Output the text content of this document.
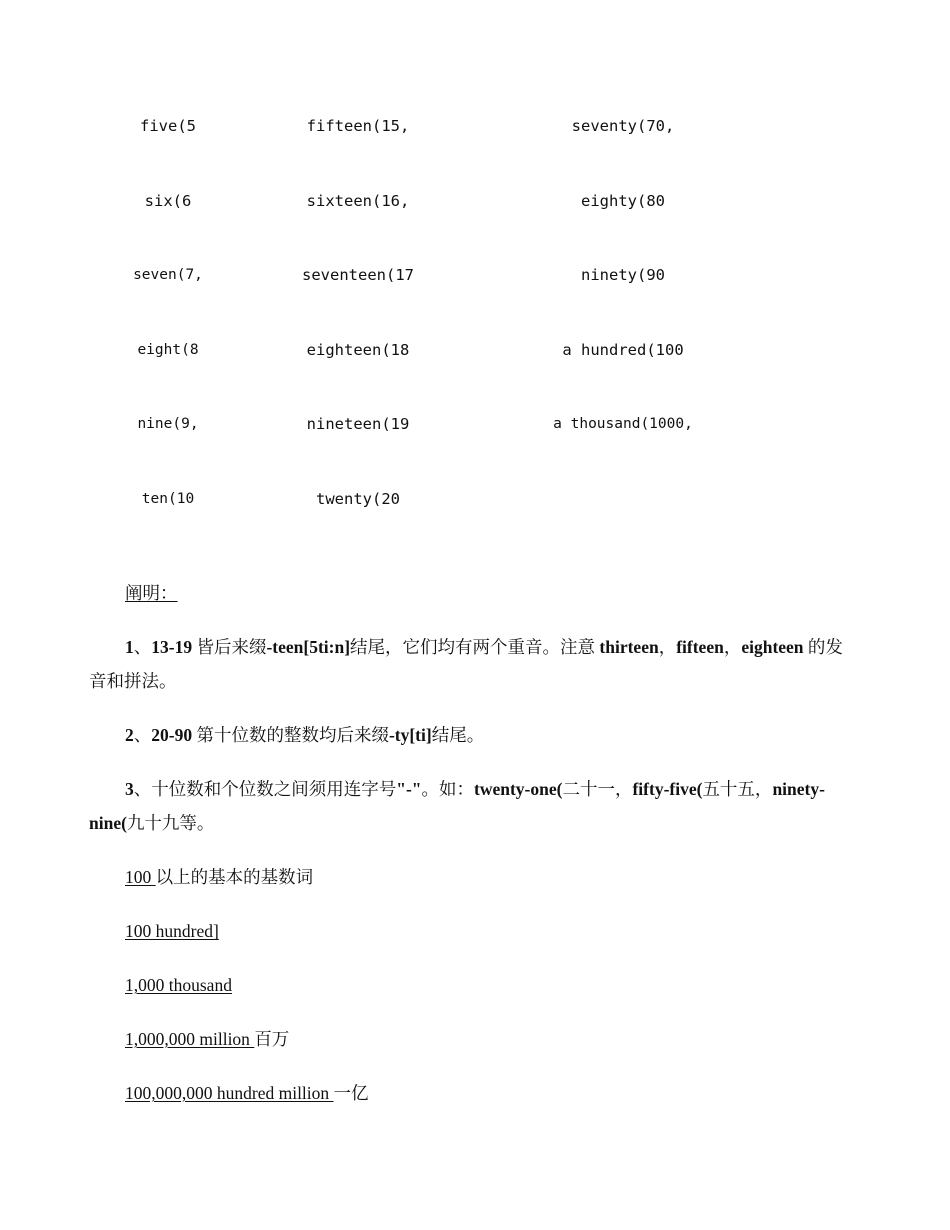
five(5	fifteen(15,	seventy(70,
six(6	sixteen(16,	eighty(80
seven(7,	seventeen(17	ninety(90
eight(8	eighteen(18	a hundred(100
nine(9,	nineteen(19	a thousand(1000,
ten(10	twenty(20

阐明：

1、13-19 皆后来缀-teen[5ti:n]结尾，它们均有两个重音。注意 thirteen，fifteen，eighteen 的发音和拼法。

2、20-90 第十位数的整数均后来缀-ty[ti]结尾。

3、十位数和个位数之间须用连字号"-"。如：twenty-one(二十一，fifty-five(五十五，ninety-nine(九十九等。

100 以上的基本的基数词

100 hundred]

1,000 thousand

1,000,000 million 百万

100,000,000 hundred million 一亿
